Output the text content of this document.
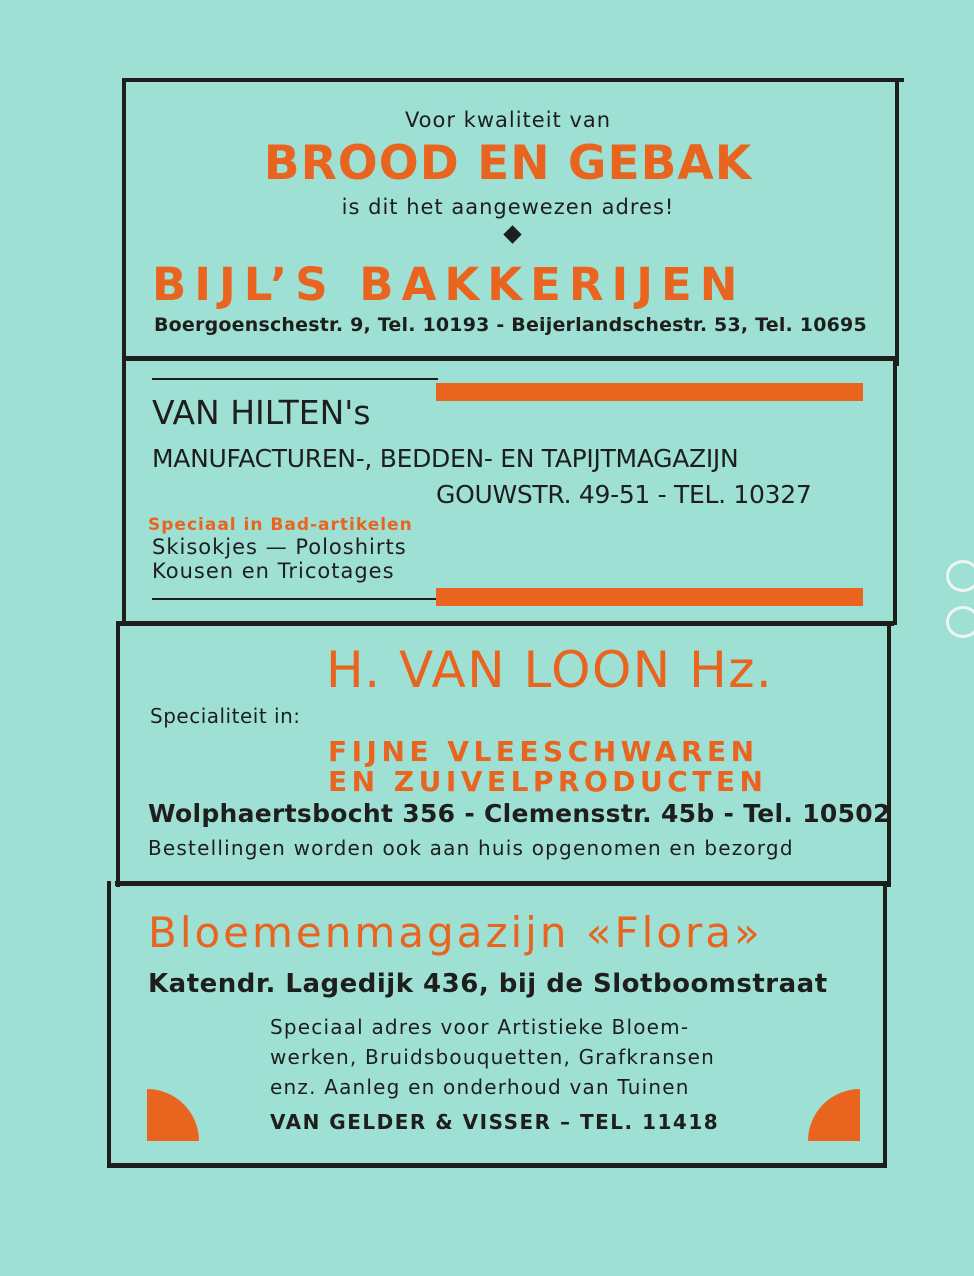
Voor kwaliteit van

BROOD EN GEBAK

is dit het aangewezen adres!

BIJL’S BAKKERIJEN

Boergoenschestr. 9, Tel. 10193 - Beijerlandschestr. 53, Tel. 10695

VAN HILTEN's

MANUFACTUREN-, BEDDEN- EN TAPIJTMAGAZIJN

GOUWSTR. 49-51 - TEL. 10327

Speciaal in Bad-artikelen

Skisokjes — Poloshirts

Kousen en Tricotages

H. VAN LOON Hz.

Specialiteit in:

FIJNE VLEESCHWAREN

EN ZUIVELPRODUCTEN

Wolphaertsbocht 356 - Clemensstr. 45b - Tel. 10502

Bestellingen worden ook aan huis opgenomen en bezorgd

Bloemenmagazijn «Flora»

Katendr. Lagedijk 436, bij de Slotboomstraat

Speciaal adres voor Artistieke Bloem-

werken, Bruidsbouquetten, Grafkransen

enz. Aanleg en onderhoud van Tuinen

VAN GELDER & VISSER – TEL. 11418
